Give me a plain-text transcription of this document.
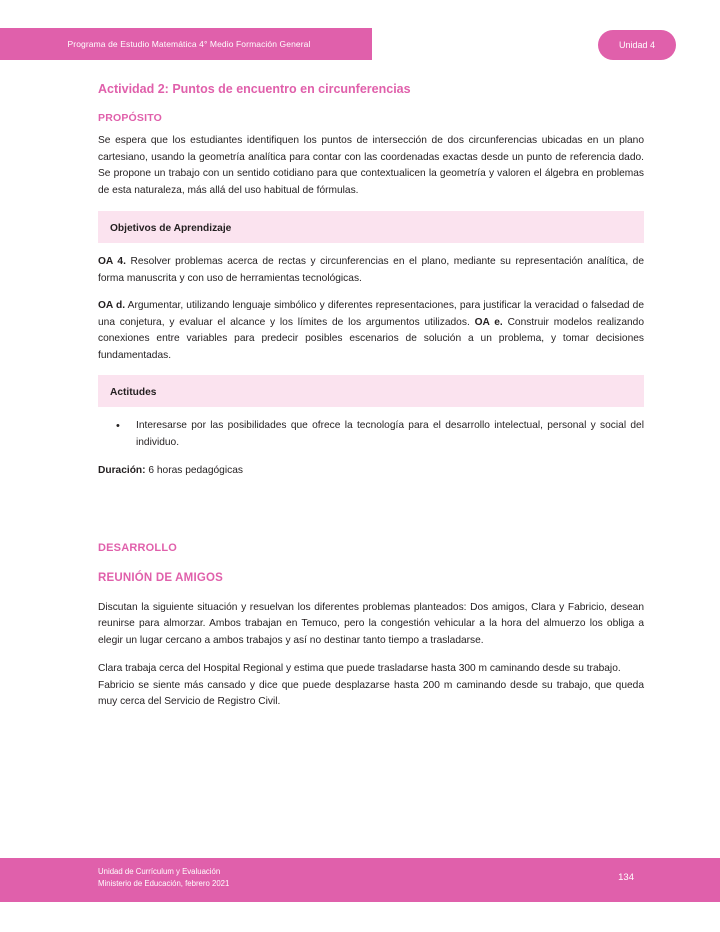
Programa de Estudio Matemática 4° Medio Formación General	Unidad 4
Actividad 2: Puntos de encuentro en circunferencias
PROPÓSITO

Se espera que los estudiantes identifiquen los puntos de intersección de dos circunferencias ubicadas en un plano cartesiano, usando la geometría analítica para contar con las coordenadas exactas desde un punto de referencia dado. Se propone un trabajo con un sentido cotidiano para que contextualicen la geometría y valoren el álgebra en problemas de esta naturaleza, más allá del uso habitual de fórmulas.

Objetivos de Aprendizaje

OA 4. Resolver problemas acerca de rectas y circunferencias en el plano, mediante su representación analítica, de forma manuscrita y con uso de herramientas tecnológicas.

OA d. Argumentar, utilizando lenguaje simbólico y diferentes representaciones, para justificar la veracidad o falsedad de una conjetura, y evaluar el alcance y los límites de los argumentos utilizados. OA e. Construir modelos realizando conexiones entre variables para predecir posibles escenarios de solución a un problema, y tomar decisiones fundamentadas.

Actitudes
• Interesarse por las posibilidades que ofrece la tecnología para el desarrollo intelectual, personal y social del individuo.

Duración: 6 horas pedagógicas

DESARROLLO
REUNIÓN DE AMIGOS

Discutan la siguiente situación y resuelvan los diferentes problemas planteados: Dos amigos, Clara y Fabricio, desean reunirse para almorzar. Ambos trabajan en Temuco, pero la congestión vehicular a la hora del almuerzo los obliga a elegir un lugar cercano a ambos trabajos y así no destinar tanto tiempo a trasladarse.

Clara trabaja cerca del Hospital Regional y estima que puede trasladarse hasta 300 m caminando desde su trabajo.

Fabricio se siente más cansado y dice que puede desplazarse hasta 200 m caminando desde su trabajo, que queda muy cerca del Servicio de Registro Civil.

Unidad de Currículum y Evaluación
Ministerio de Educación, febrero 2021
134
